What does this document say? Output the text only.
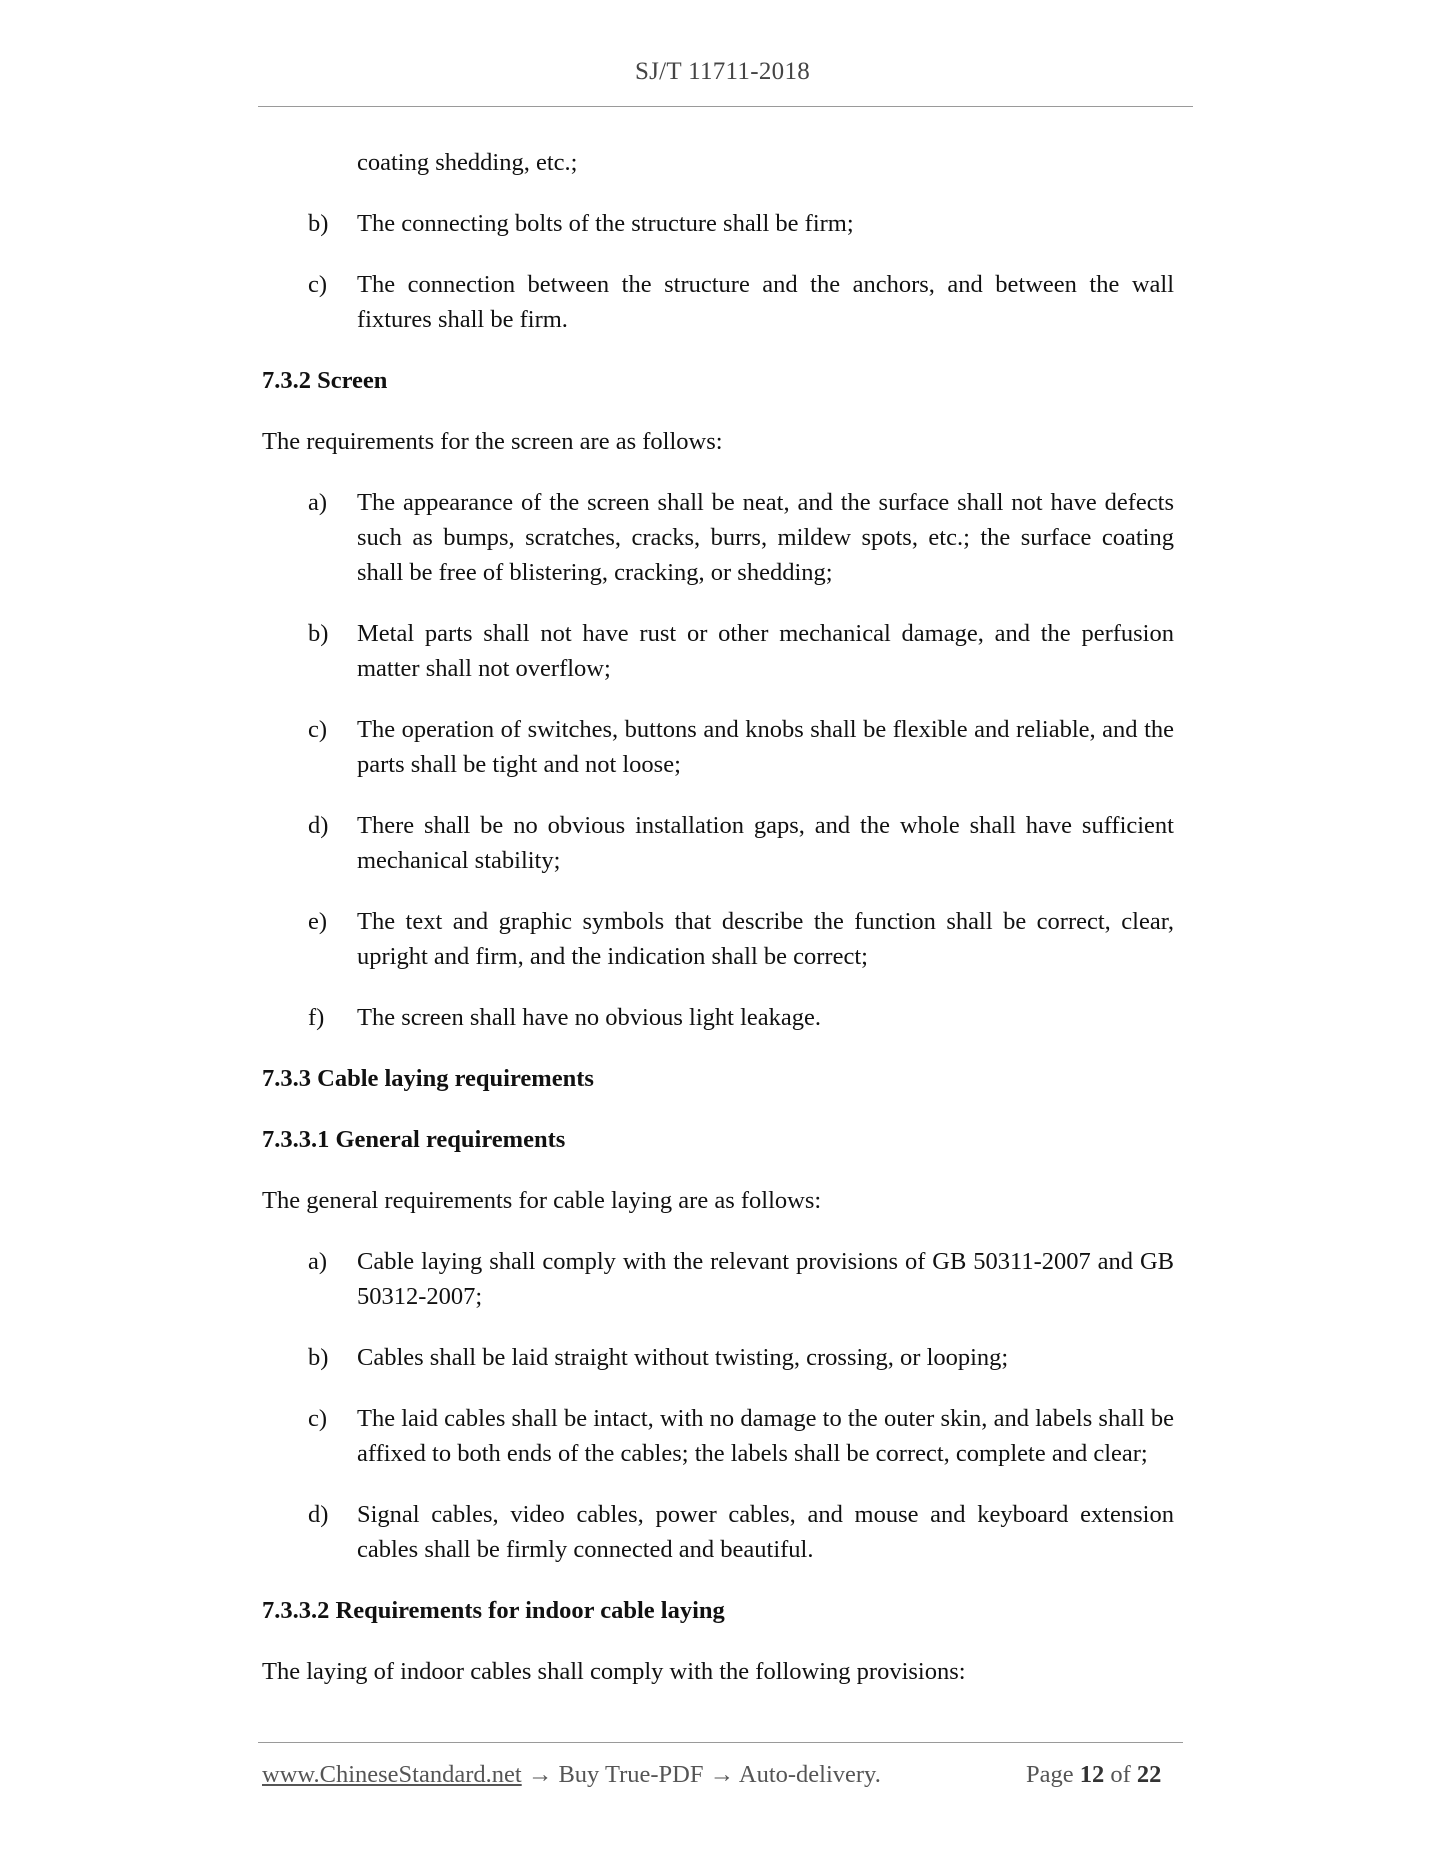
SJ/T 11711-2018
coating shedding, etc.;
b) The connecting bolts of the structure shall be firm;
c) The connection between the structure and the anchors, and between the wall fixtures shall be firm.
7.3.2 Screen
The requirements for the screen are as follows:
a) The appearance of the screen shall be neat, and the surface shall not have defects such as bumps, scratches, cracks, burrs, mildew spots, etc.; the surface coating shall be free of blistering, cracking, or shedding;
b) Metal parts shall not have rust or other mechanical damage, and the perfusion matter shall not overflow;
c) The operation of switches, buttons and knobs shall be flexible and reliable, and the parts shall be tight and not loose;
d) There shall be no obvious installation gaps, and the whole shall have sufficient mechanical stability;
e) The text and graphic symbols that describe the function shall be correct, clear, upright and firm, and the indication shall be correct;
f) The screen shall have no obvious light leakage.
7.3.3 Cable laying requirements
7.3.3.1 General requirements
The general requirements for cable laying are as follows:
a) Cable laying shall comply with the relevant provisions of GB 50311-2007 and GB 50312-2007;
b) Cables shall be laid straight without twisting, crossing, or looping;
c) The laid cables shall be intact, with no damage to the outer skin, and labels shall be affixed to both ends of the cables; the labels shall be correct, complete and clear;
d) Signal cables, video cables, power cables, and mouse and keyboard extension cables shall be firmly connected and beautiful.
7.3.3.2 Requirements for indoor cable laying
The laying of indoor cables shall comply with the following provisions:
www.ChineseStandard.net → Buy True-PDF → Auto-delivery.	Page 12 of 22
